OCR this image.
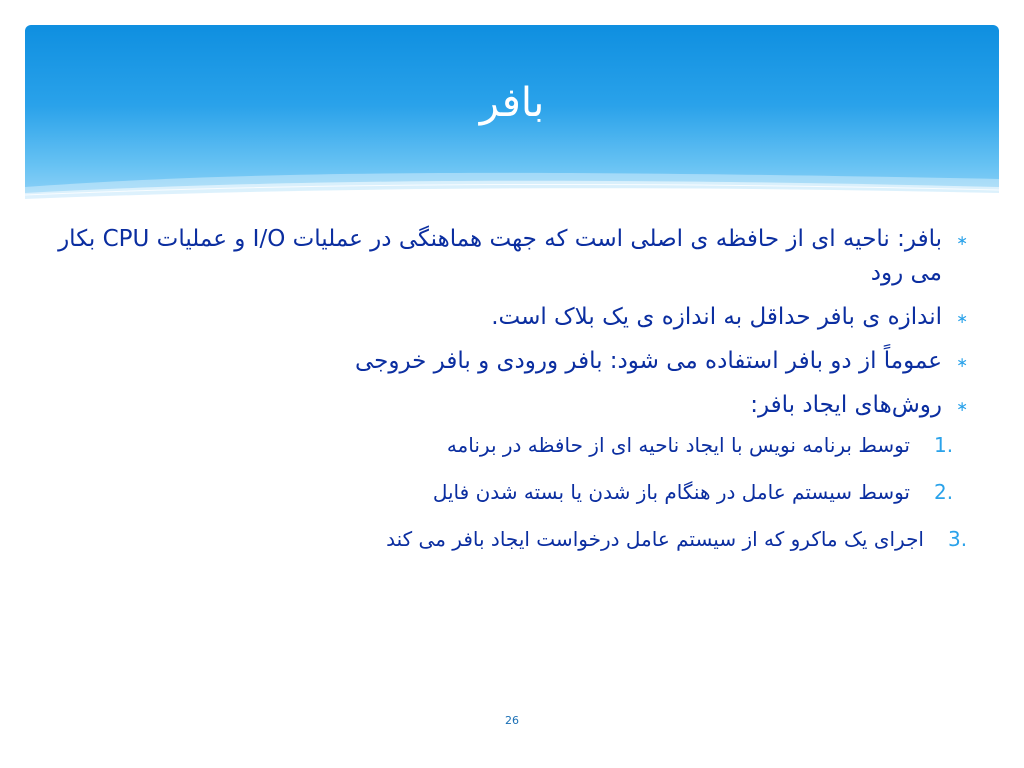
بافر
∗
بافر: ناحیه ای از حافظه ی اصلی است که جهت هماهنگی در عملیات I/O و عملیات CPU بکار می رود
∗
اندازه ی بافر حداقل به اندازه ی یک بلاک است.
∗
عموماً از دو بافر استفاده می شود: بافر ورودی و بافر خروجی
∗
روش‌های ایجاد بافر:
1.
توسط برنامه نویس با ایجاد ناحیه ای از حافظه در برنامه
2.
توسط سیستم عامل در هنگام باز شدن یا بسته شدن فایل
3.
اجرای یک ماکرو که از سیستم عامل درخواست ایجاد بافر می کند
26
